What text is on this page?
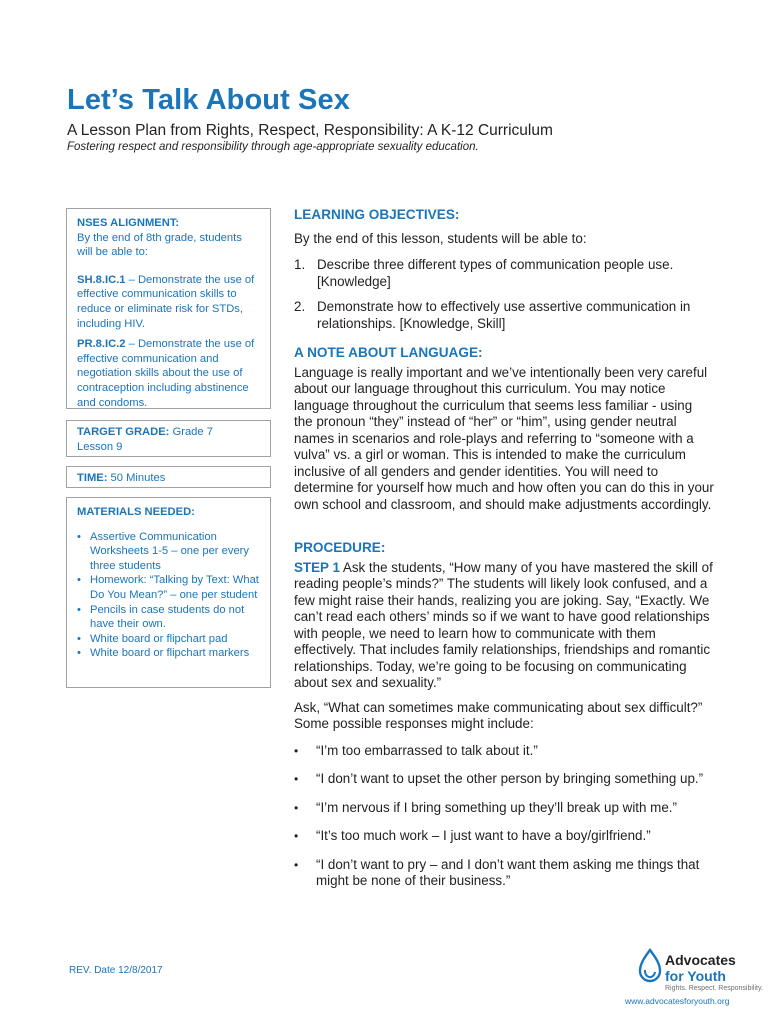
Let’s Talk About Sex
A Lesson Plan from Rights, Respect, Responsibility: A K-12 Curriculum
Fostering respect and responsibility through age-appropriate sexuality education.

NSES ALIGNMENT:

By the end of 8th grade, students will be able to:

SH.8.IC.1 – Demonstrate the use of effective communication skills to reduce or eliminate risk for STDs, including HIV.

PR.8.IC.2 – Demonstrate the use of effective communication and negotiation skills about the use of contraception including abstinence and condoms.

TARGET GRADE: Grade 7

Lesson 9

TIME: 50 Minutes

MATERIALS NEEDED:

• Assertive Communication Worksheets 1-5 – one per every three students
• Homework: “Talking by Text: What Do You Mean?” – one per student
• Pencils in case students do not have their own.
• White board or flipchart pad
• White board or flipchart markers
LEARNING OBJECTIVES:
By the end of this lesson, students will be able to:
1. Describe three different types of communication people use. [Knowledge]
2. Demonstrate how to effectively use assertive communication in relationships. [Knowledge, Skill]
A NOTE ABOUT LANGUAGE:
Language is really important and we’ve intentionally been very careful about our language throughout this curriculum. You may notice language throughout the curriculum that seems less familiar - using the pronoun “they” instead of “her” or “him”, using gender neutral names in scenarios and role-plays and referring to “someone with a vulva” vs. a girl or woman. This is intended to make the curriculum inclusive of all genders and gender identities. You will need to determine for yourself how much and how often you can do this in your own school and classroom, and should make adjustments accordingly.
PROCEDURE:
STEP 1 Ask the students, “How many of you have mastered the skill of reading people’s minds?” The students will likely look confused, and a few might raise their hands, realizing you are joking. Say, “Exactly. We can’t read each others’ minds so if we want to have good relationships with people, we need to learn how to communicate with them effectively. That includes family relationships, friendships and romantic relationships. Today, we’re going to be focusing on communicating about sex and sexuality.”
Ask, “What can sometimes make communicating about sex difficult?” Some possible responses might include:
• “I’m too embarrassed to talk about it.”
• “I don’t want to upset the other person by bringing something up.”
• “I’m nervous if I bring something up they’ll break up with me.”
• “It’s too much work – I just want to have a boy/girlfriend.”
• “I don’t want to pry – and I don’t want them asking me things that might be none of their business.”
REV. Date 12/8/2017
Advocates
for Youth
Rights. Respect. Responsibility.
www.advocatesforyouth.org
